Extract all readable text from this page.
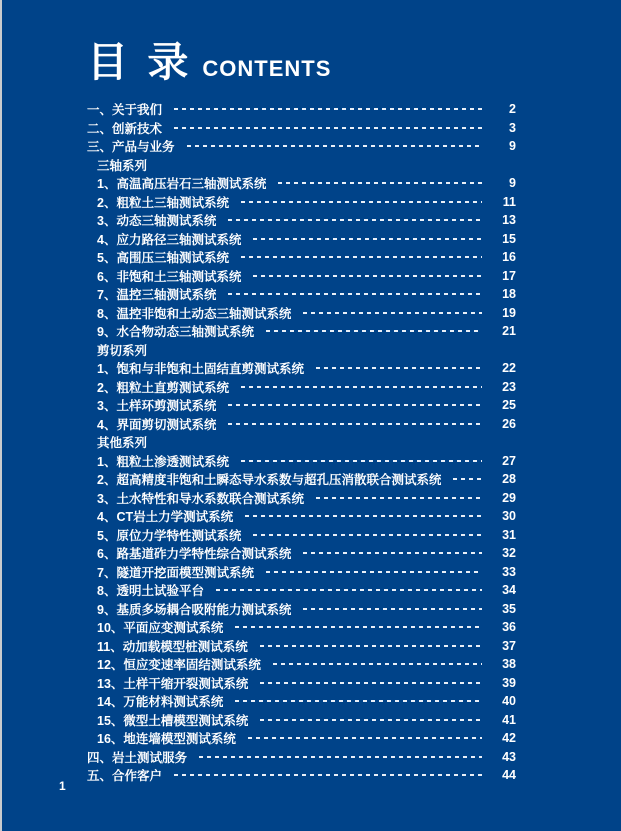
目 录 CONTENTS
一、关于我们	2
二、创新技术	3
三、产品与业务	9
三轴系列
1、高温高压岩石三轴测试系统	9
2、粗粒土三轴测试系统	11
3、动态三轴测试系统	13
4、应力路径三轴测试系统	15
5、高围压三轴测试系统	16
6、非饱和土三轴测试系统	17
7、温控三轴测试系统	18
8、温控非饱和土动态三轴测试系统	19
9、水合物动态三轴测试系统	21
剪切系列
1、饱和与非饱和土固结直剪测试系统	22
2、粗粒土直剪测试系统	23
3、土样环剪测试系统	25
4、界面剪切测试系统	26
其他系列
1、粗粒土渗透测试系统	27
2、超高精度非饱和土瞬态导水系数与超孔压消散联合测试系统	28
3、土水特性和导水系数联合测试系统	29
4、CT岩土力学测试系统	30
5、原位力学特性测试系统	31
6、路基道砟力学特性综合测试系统	32
7、隧道开挖面模型测试系统	33
8、透明土试验平台	34
9、基质多场耦合吸附能力测试系统	35
10、平面应变测试系统	36
11、动加载模型桩测试系统	37
12、恒应变速率固结测试系统	38
13、土样干缩开裂测试系统	39
14、万能材料测试系统	40
15、微型土槽模型测试系统	41
16、地连墙模型测试系统	42
四、岩土测试服务	43
五、合作客户	44
1
